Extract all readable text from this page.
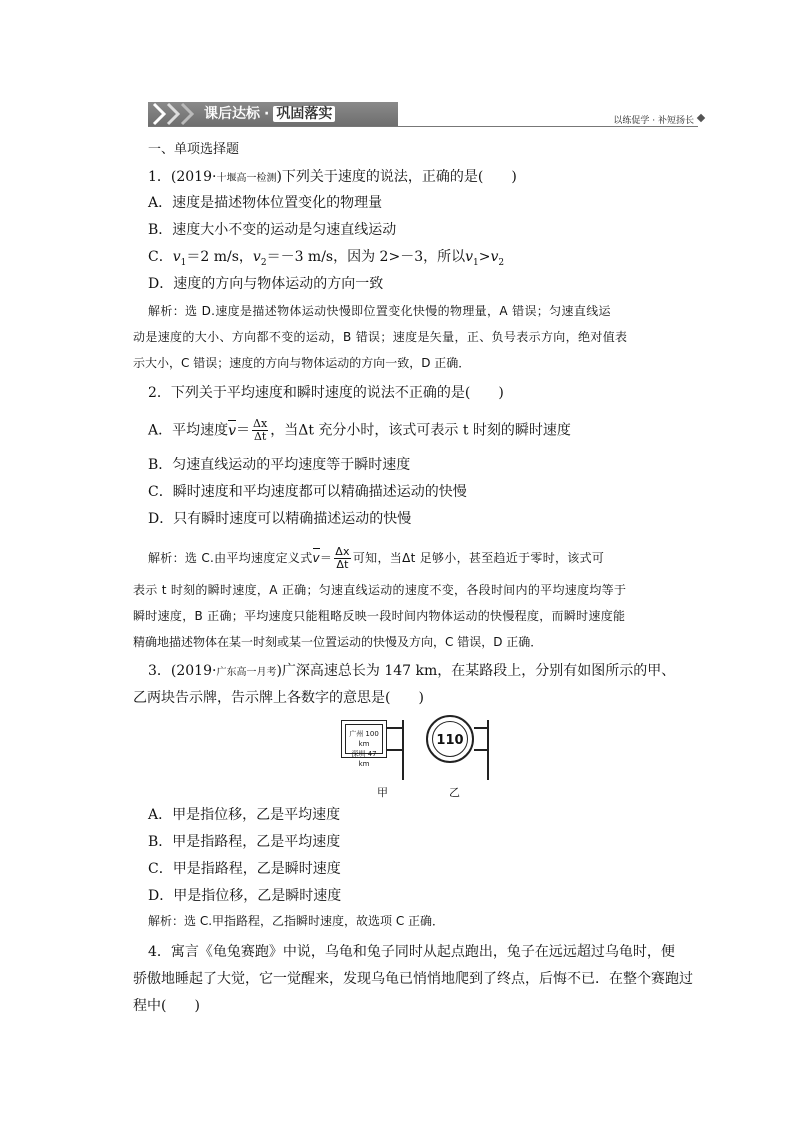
课后达标 · 巩固落实	以练促学 · 补短扬长
一、单项选择题
1．(2019·十堰高一检测)下列关于速度的说法，正确的是(　　)
A．速度是描述物体位置变化的物理量
B．速度大小不变的运动是匀速直线运动
C．$v_1=2$ m/s，$v_2=-3$ m/s，因为 2>－3，所以$v_1>v_2$
D．速度的方向与物体运动的方向一致
解析：选 D.速度是描述物体运动快慢即位置变化快慢的物理量，A 错误；匀速直线运
动是速度的大小、方向都不变的运动，B 错误；速度是矢量，正、负号表示方向，绝对值表
示大小，C 错误；速度的方向与物体运动的方向一致，D 正确．
2．下列关于平均速度和瞬时速度的说法不正确的是(　　)
A．平均速度$v= \frac{\Delta x}{\Delta t}$ ，当Δt 充分小时，该式可表示 t 时刻的瞬时速度
B．匀速直线运动的平均速度等于瞬时速度
C．瞬时速度和平均速度都可以精确描述运动的快慢
D．只有瞬时速度可以精确描述运动的快慢
解析：选 C.由平均速度定义式$v= \frac{\Delta x}{\Delta t}$ 可知，当Δt 足够小，甚至趋近于零时，该式可
表示 t 时刻的瞬时速度，A 正确；匀速直线运动的速度不变，各段时间内的平均速度均等于
瞬时速度，B 正确；平均速度只能粗略反映一段时间内物体运动的快慢程度，而瞬时速度能
精确地描述物体在某一时刻或某一位置运动的快慢及方向，C 错误，D 正确．
3．(2019·广东高一月考)广深高速总长为 147 km，在某路段上，分别有如图所示的甲、
乙两块告示牌，告示牌上各数字的意思是(　　)
广州 100 km
深圳 47 km
110
甲	乙
A．甲是指位移，乙是平均速度
B．甲是指路程，乙是平均速度
C．甲是指路程，乙是瞬时速度
D．甲是指位移，乙是瞬时速度
解析：选 C.甲指路程，乙指瞬时速度，故选项 C 正确．
4．寓言《龟兔赛跑》中说，乌龟和兔子同时从起点跑出，兔子在远远超过乌龟时，便
骄傲地睡起了大觉，它一觉醒来，发现乌龟已悄悄地爬到了终点，后悔不已．在整个赛跑过
程中(　　)
